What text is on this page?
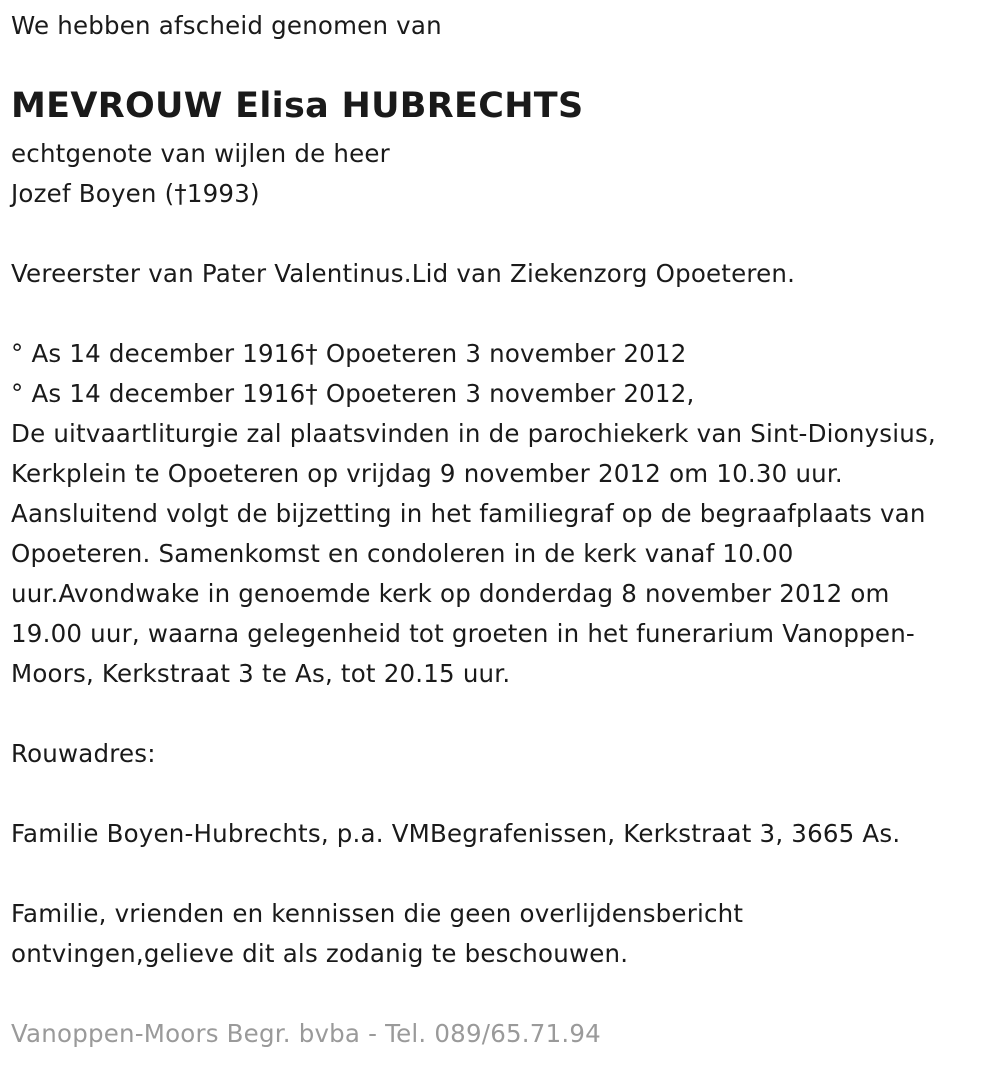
We hebben afscheid genomen van
MEVROUW Elisa HUBRECHTS
echtgenote van wijlen de heer
Jozef Boyen (†1993)
Vereerster van Pater Valentinus.Lid van Ziekenzorg Opoeteren.
° As 14 december 1916† Opoeteren 3 november 2012
° As 14 december 1916† Opoeteren 3 november 2012,
De uitvaartliturgie zal plaatsvinden in de parochiekerk van Sint-Dionysius,
Kerkplein te Opoeteren op vrijdag 9 november 2012 om 10.30 uur.
Aansluitend volgt de bijzetting in het familiegraf op de begraafplaats van
Opoeteren. Samenkomst en condoleren in de kerk vanaf 10.00
uur.Avondwake in genoemde kerk op donderdag 8 november 2012 om
19.00 uur, waarna gelegenheid tot groeten in het funerarium Vanoppen-
Moors, Kerkstraat 3 te As, tot 20.15 uur.
Rouwadres:
Familie Boyen-Hubrechts, p.a. VMBegrafenissen, Kerkstraat 3, 3665 As.
Familie, vrienden en kennissen die geen overlijdensbericht
ontvingen,gelieve dit als zodanig te beschouwen.
Vanoppen-Moors Begr. bvba - Tel. 089/65.71.94
